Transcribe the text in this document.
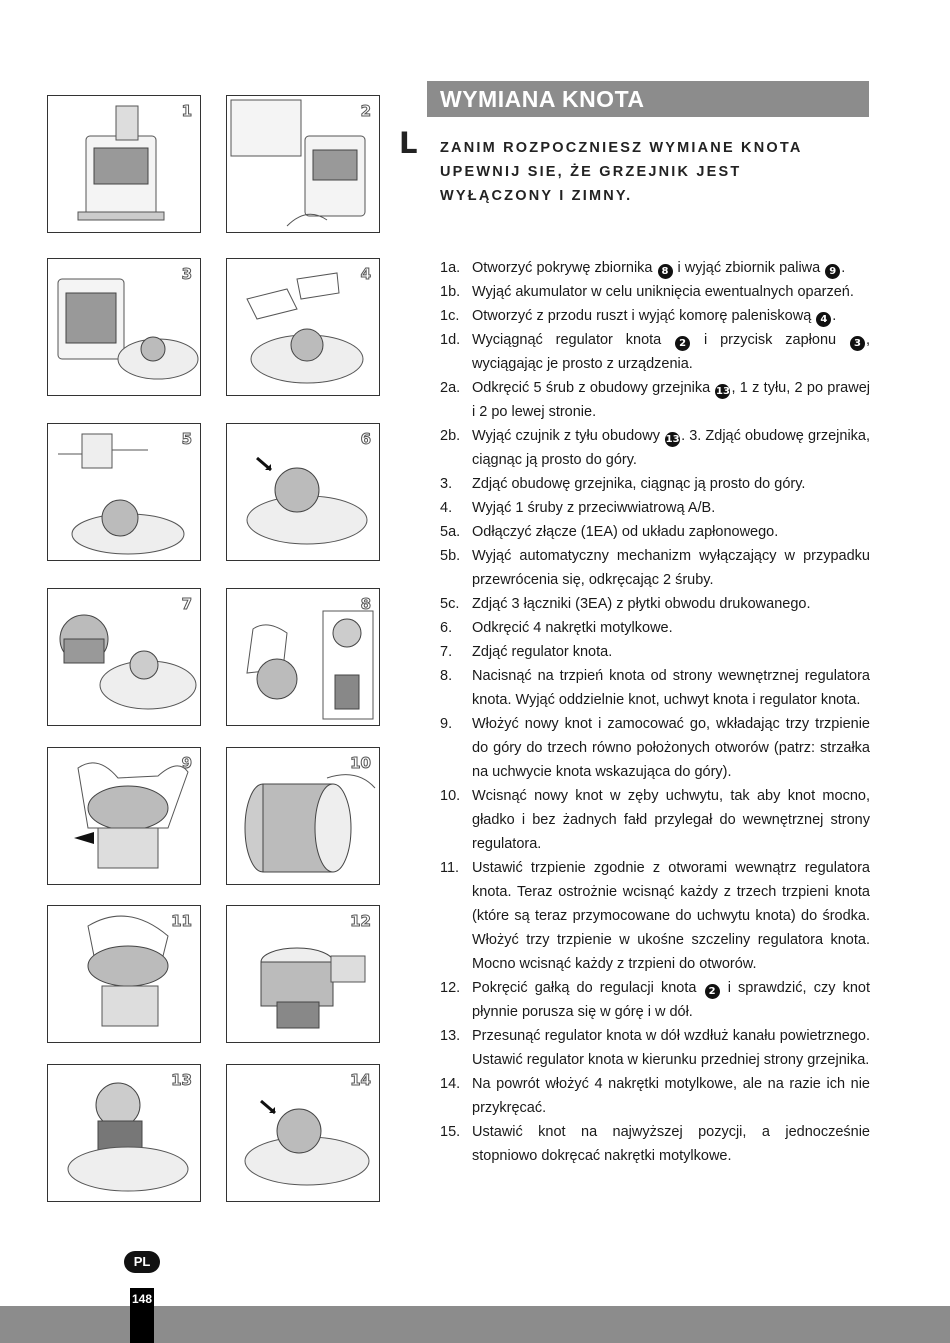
WYMIANA KNOTA
L ZANIM ROZPOCZNIESZ WYMIANE KNOTA UPEWNIJ SIE, ŻE GRZEJNIK JEST WYŁĄCZONY I ZIMNY.
1	2
3	4
5	6
7	8
9	10
11	12
13	14
1a. Otworzyć pokrywę zbiornika 8 i wyjąć zbiornik paliwa 9 .
1b. Wyjąć akumulator w celu uniknięcia ewentualnych oparzeń.
1c. Otworzyć z przodu ruszt i wyjąć komorę paleniskową 4 .
1d. Wyciągnąć regulator knota 2 i przycisk zapłonu 3 , wyciągając je prosto z urządzenia.
2a. Odkręcić 5 śrub z obudowy grzejnika 13 , 1 z tyłu, 2 po prawej i 2 po lewej stronie.
2b. Wyjąć czujnik z tyłu obudowy 13 . 3. Zdjąć obudowę grzejnika, ciągnąc ją prosto do góry.
3.	Zdjąć obudowę grzejnika, ciągnąc ją prosto do góry.
4.	Wyjąć 1 śruby z przeciwwiatrową A/B.
5a. Odłączyć złącze (1EA) od układu zapłonowego.
5b. Wyjąć automatyczny mechanizm wyłączający w przypadku przewrócenia się, odkręcając 2 śruby.
5c. Zdjąć 3 łączniki (3EA) z płytki obwodu drukowanego.
6.	Odkręcić 4 nakrętki motylkowe.
7.	Zdjąć regulator knota.
8.	Nacisnąć na trzpień knota od strony wewnętrznej regulatora knota. Wyjąć oddzielnie knot, uchwyt knota i regulator knota.
9.	Włożyć nowy knot i zamocować go, wkładając trzy trzpienie do góry do trzech równo położonych otworów (patrz: strzałka na uchwycie knota wskazująca do góry).
10. Wcisnąć nowy knot w zęby uchwytu, tak aby knot mocno, gładko i bez żadnych fałd przylegał do wewnętrznej strony regulatora.
11. Ustawić trzpienie zgodnie z otworami wewnątrz regulatora knota. Teraz ostrożnie wcisnąć każdy z trzech trzpieni knota (które są teraz przymocowane do uchwytu knota) do środka. Włożyć trzy trzpienie w ukośne szczeliny regulatora knota. Mocno wcisnąć każdy z trzpieni do otworów.
12. Pokręcić gałką do regulacji knota 2 i sprawdzić, czy knot płynnie porusza się w górę i w dół.
13. Przesunąć regulator knota w dół wzdłuż kanału powietrznego. Ustawić regulator knota w kierunku przedniej strony grzejnika.
14. Na powrót włożyć 4 nakrętki motylkowe, ale na razie ich nie przykręcać.
15. Ustawić knot na najwyższej pozycji, a jednocześnie stopniowo dokręcać nakrętki motylkowe.
PL
148
